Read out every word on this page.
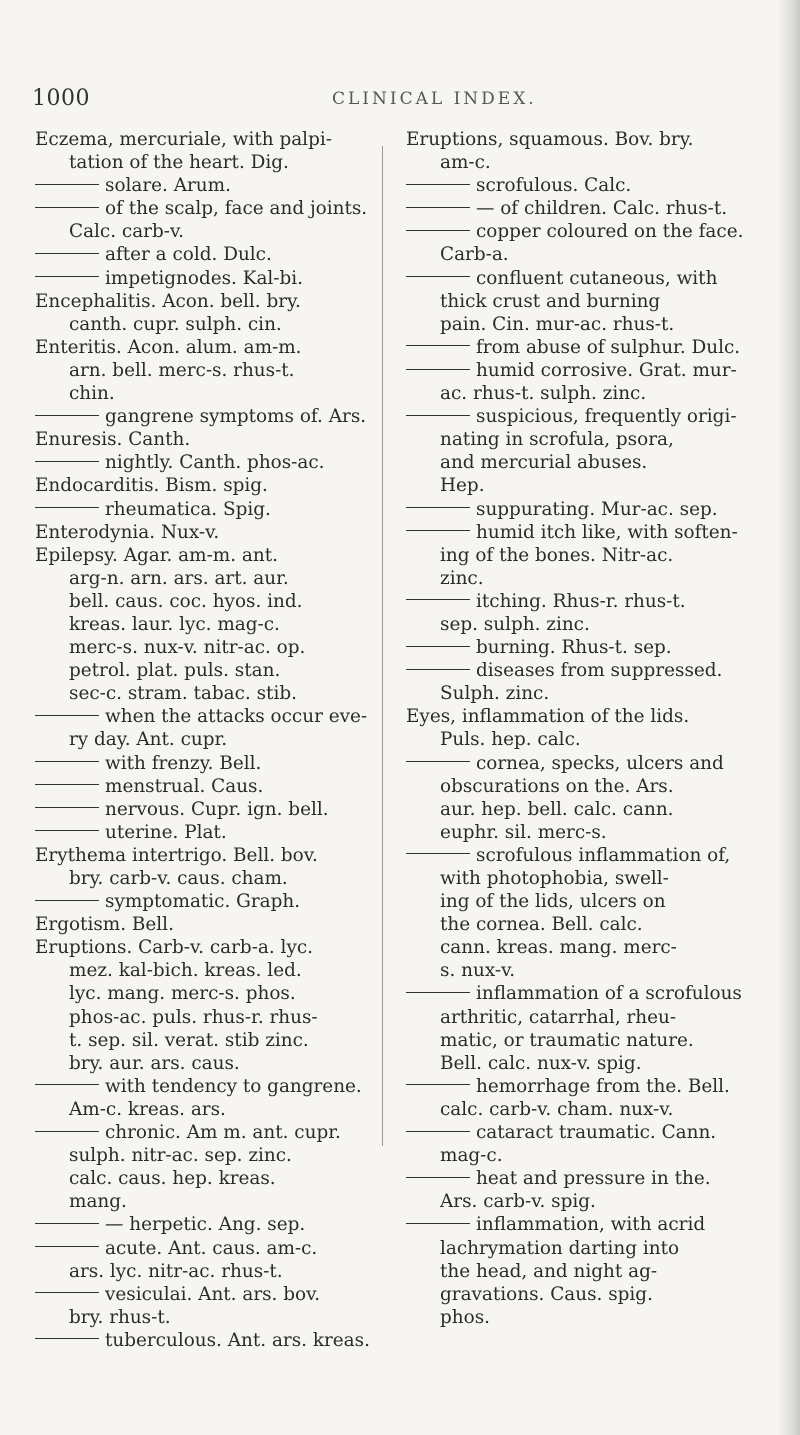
1000	CLINICAL INDEX.
Eczema, mercuriale, with palpi-
tation of the heart. Dig.
solare. Arum.
of the scalp, face and joints.
Calc. carb-v.
after a cold. Dulc.
impetignodes. Kal-bi.
Encephalitis. Acon. bell. bry.
canth. cupr. sulph. cin.
Enteritis. Acon. alum. am-m.
arn. bell. merc-s. rhus-t.
chin.
gangrene symptoms of. Ars.
Enuresis. Canth.
nightly. Canth. phos-ac.
Endocarditis. Bism. spig.
rheumatica. Spig.
Enterodynia. Nux-v.
Epilepsy. Agar. am-m. ant.
arg-n. arn. ars. art. aur.
bell. caus. coc. hyos. ind.
kreas. laur. lyc. mag-c.
merc-s. nux-v. nitr-ac. op.
petrol. plat. puls. stan.
sec-c. stram. tabac. stib.
when the attacks occur eve-
ry day. Ant. cupr.
with frenzy. Bell.
menstrual. Caus.
nervous. Cupr. ign. bell.
uterine. Plat.
Erythema intertrigo. Bell. bov.
bry. carb-v. caus. cham.
symptomatic. Graph.
Ergotism. Bell.
Eruptions. Carb-v. carb-a. lyc.
mez. kal-bich. kreas. led.
lyc. mang. merc-s. phos.
phos-ac. puls. rhus-r. rhus-
t. sep. sil. verat. stib zinc.
bry. aur. ars. caus.
with tendency to gangrene.
Am-c. kreas. ars.
chronic. Am m. ant. cupr.
sulph. nitr-ac. sep. zinc.
calc. caus. hep. kreas.
mang.
— herpetic. Ang. sep.
acute. Ant. caus. am-c.
ars. lyc. nitr-ac. rhus-t.
vesiculai. Ant. ars. bov.
bry. rhus-t.
tuberculous. Ant. ars. kreas.
Eruptions, squamous. Bov. bry.
am-c.
scrofulous. Calc.
— of children. Calc. rhus-t.
copper coloured on the face.
Carb-a.
confluent cutaneous, with
thick crust and burning
pain. Cin. mur-ac. rhus-t.
from abuse of sulphur. Dulc.
humid corrosive. Grat. mur-
ac. rhus-t. sulph. zinc.
suspicious, frequently origi-
nating in scrofula, psora,
and mercurial abuses.
Hep.
suppurating. Mur-ac. sep.
humid itch like, with soften-
ing of the bones. Nitr-ac.
zinc.
itching. Rhus-r. rhus-t.
sep. sulph. zinc.
burning. Rhus-t. sep.
diseases from suppressed.
Sulph. zinc.
Eyes, inflammation of the lids.
Puls. hep. calc.
cornea, specks, ulcers and
obscurations on the. Ars.
aur. hep. bell. calc. cann.
euphr. sil. merc-s.
scrofulous inflammation of,
with photophobia, swell-
ing of the lids, ulcers on
the cornea. Bell. calc.
cann. kreas. mang. merc-
s. nux-v.
inflammation of a scrofulous
arthritic, catarrhal, rheu-
matic, or traumatic nature.
Bell. calc. nux-v. spig.
hemorrhage from the. Bell.
calc. carb-v. cham. nux-v.
cataract traumatic. Cann.
mag-c.
heat and pressure in the.
Ars. carb-v. spig.
inflammation, with acrid
lachrymation darting into
the head, and night ag-
gravations. Caus. spig.
phos.
